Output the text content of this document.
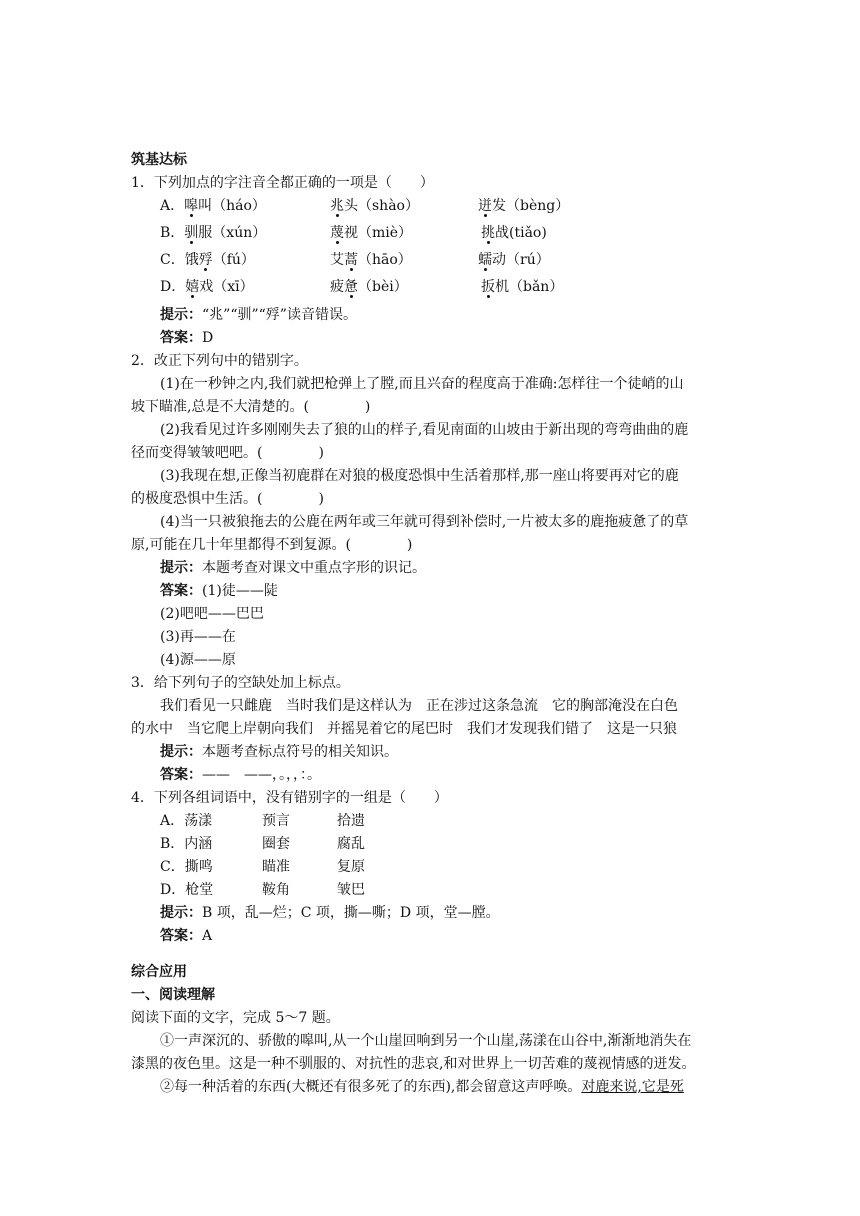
筑基达标
1．下列加点的字注音全都正确的一项是（　　）
A．嗥叫（háo）	兆头（shào）	迸发（bèng）
B．驯服（xún）	蔑视（miè）	挑战(tiǎo)
C．饿殍（fú）	艾蒿（hāo）	蠕动（rú）
D．嬉戏（xī）	疲惫（bèi）	扳机（bǎn）
提示：“兆”“驯”“殍”读音错误。
答案：D
2．改正下列句中的错别字。
(1)在一秒钟之内,我们就把枪弹上了膛,而且兴奋的程度高于准确:怎样往一个徒峭的山
坡下瞄准,总是不大清楚的。(　　　　)
(2)我看见过许多刚刚失去了狼的山的样子,看见南面的山坡由于新出现的弯弯曲曲的鹿
径而变得皱皱吧吧。(　　　　)
(3)我现在想,正像当初鹿群在对狼的极度恐惧中生活着那样,那一座山将要再对它的鹿
的极度恐惧中生活。(　　　　)
(4)当一只被狼拖去的公鹿在两年或三年就可得到补偿时,一片被太多的鹿拖疲惫了的草
原,可能在几十年里都得不到复源。(　　　　)
提示：本题考查对课文中重点字形的识记。
答案：(1)徒——陡
(2)吧吧——巴巴
(3)再——在
(4)源——原
3．给下列句子的空缺处加上标点。
我们看见一只雌鹿　当时我们是这样认为　正在涉过这条急流　它的胸部淹没在白色
的水中　当它爬上岸朝向我们　并摇晃着它的尾巴时　我们才发现我们错了　这是一只狼
提示：本题考查标点符号的相关知识。
答案：——　——，。，，：。
4．下列各组词语中，没有错别字的一组是（　　）
A．荡漾	预言	拾遗
B．内涵	圈套	腐乱
C．撕鸣	瞄准	复原
D．枪堂	鞍角	皱巴
提示：B 项，乱—烂；C 项，撕—嘶；D 项，堂—膛。
答案：A
综合应用
一、阅读理解
阅读下面的文字，完成 5～7 题。
①一声深沉的、骄傲的嗥叫,从一个山崖回响到另一个山崖,荡漾在山谷中,渐渐地消失在
漆黑的夜色里。这是一种不驯服的、对抗性的悲哀,和对世界上一切苦难的蔑视情感的迸发。
②每一种活着的东西(大概还有很多死了的东西),都会留意这声呼唤。对鹿来说,它是死
